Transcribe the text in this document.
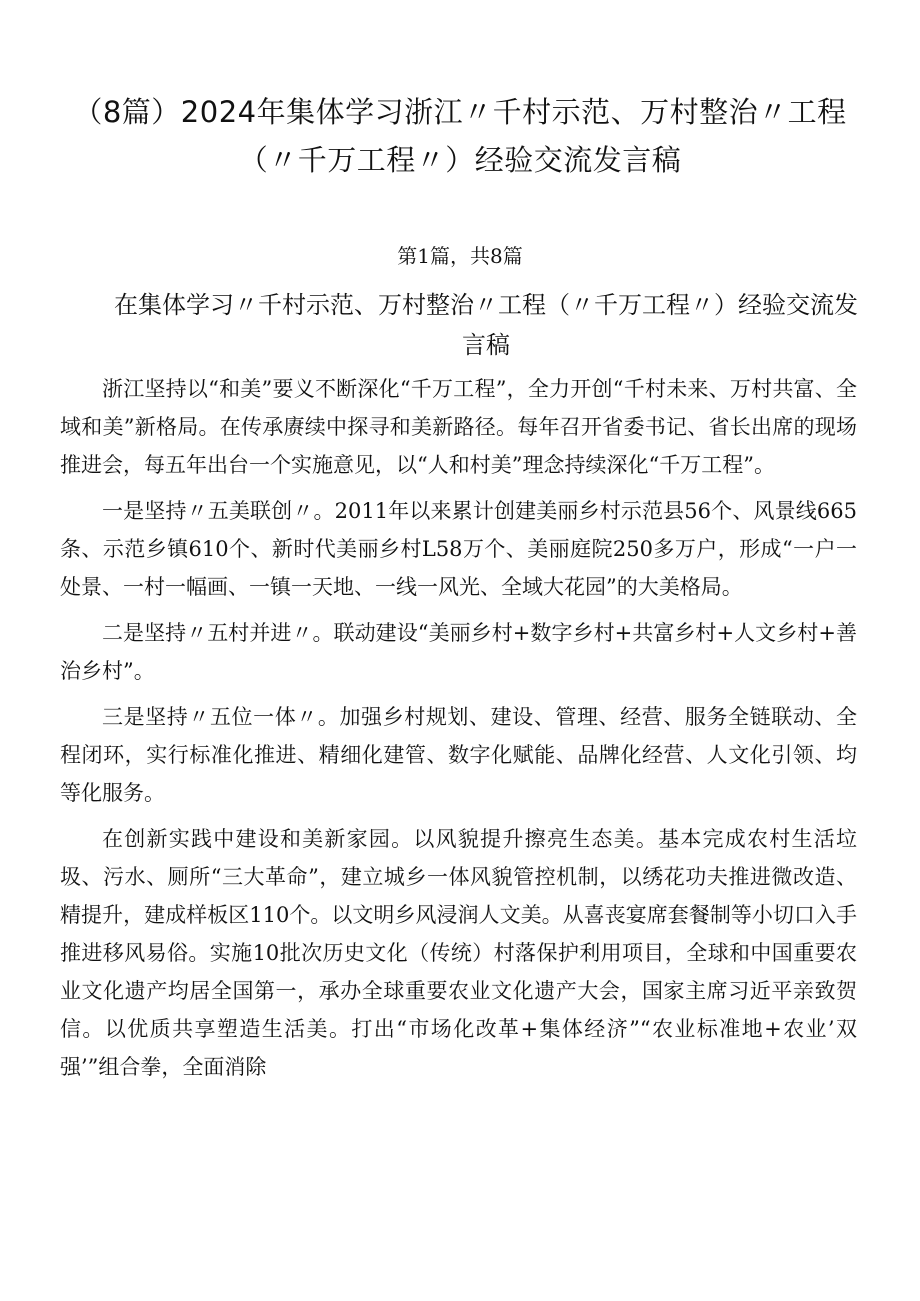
（8篇）2024年集体学习浙江〃千村示范、万村整治〃工程（〃千万工程〃）经验交流发言稿
第1篇，共8篇
在集体学习〃千村示范、万村整治〃工程（〃千万工程〃）经验交流发言稿

浙江坚持以“和美”要义不断深化“千万工程”，全力开创“千村未来、万村共富、全域和美”新格局。在传承赓续中探寻和美新路径。每年召开省委书记、省长出席的现场推进会，每五年出台一个实施意见，以“人和村美”理念持续深化“千万工程”。

一是坚持〃五美联创〃。2011年以来累计创建美丽乡村示范县56个、风景线665条、示范乡镇610个、新时代美丽乡村L58万个、美丽庭院250多万户，形成“一户一处景、一村一幅画、一镇一天地、一线一风光、全域大花园”的大美格局。

二是坚持〃五村并进〃。联动建设“美丽乡村+数字乡村+共富乡村+人文乡村+善治乡村”。

三是坚持〃五位一体〃。加强乡村规划、建设、管理、经营、服务全链联动、全程闭环，实行标准化推进、精细化建管、数字化赋能、品牌化经营、人文化引领、均等化服务。

在创新实践中建设和美新家园。以风貌提升擦亮生态美。基本完成农村生活垃圾、污水、厕所“三大革命”，建立城乡一体风貌管控机制，以绣花功夫推进微改造、精提升，建成样板区110个。以文明乡风浸润人文美。从喜丧宴席套餐制等小切口入手推进移风易俗。实施10批次历史文化（传统）村落保护利用项目，全球和中国重要农业文化遗产均居全国第一，承办全球重要农业文化遗产大会，国家主席习近平亲致贺信。以优质共享塑造生活美。打出“市场化改革+集体经济”“农业标准地+农业’双强’”组合拳，全面消除
